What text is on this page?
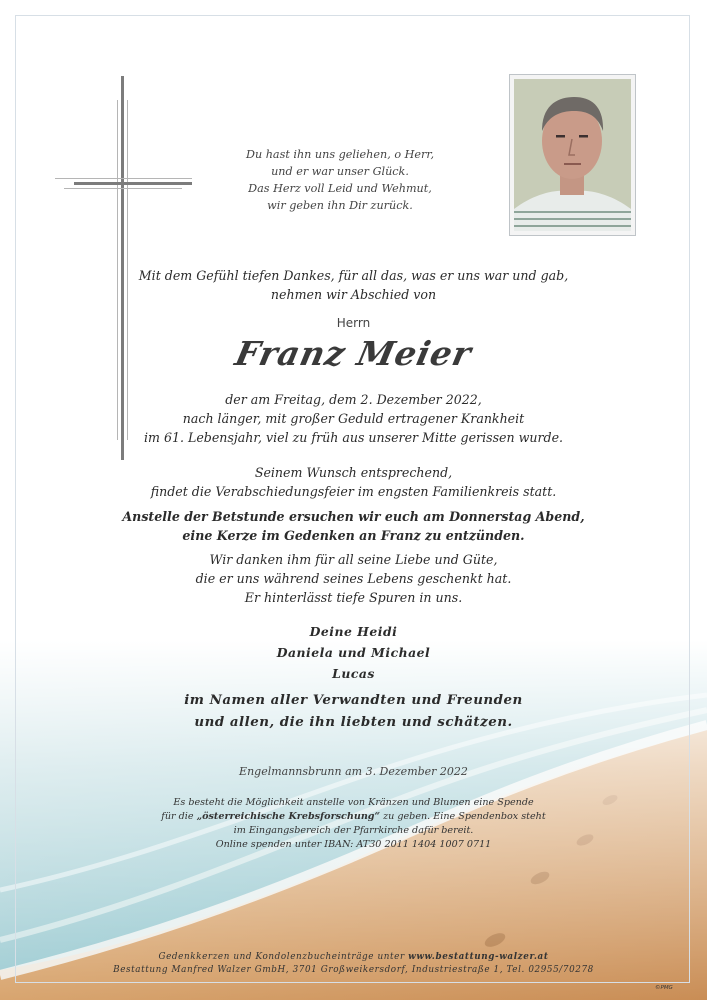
Du hast ihn uns geliehen, o Herr,
und er war unser Glück.
Das Herz voll Leid und Wehmut,
wir geben ihn Dir zurück.
Mit dem Gefühl tiefen Dankes, für all das, was er uns war und gab,
nehmen wir Abschied von
Herrn
Franz Meier
der am Freitag, dem 2. Dezember 2022,
nach länger, mit großer Geduld ertragener Krankheit
im 61. Lebensjahr, viel zu früh aus unserer Mitte gerissen wurde.
Seinem Wunsch entsprechend,
findet die Verabschiedungsfeier im engsten Familienkreis statt.
Anstelle der Betstunde ersuchen wir euch am Donnerstag Abend,
eine Kerze im Gedenken an Franz zu entzünden.
Wir danken ihm für all seine Liebe und Güte,
die er uns während seines Lebens geschenkt hat.
Er hinterlässt tiefe Spuren in uns.
Deine Heidi
Daniela und Michael
Lucas
im Namen aller Verwandten und Freunden
und allen, die ihn liebten und schätzen.
Engelmannsbrunn am 3. Dezember 2022
Es besteht die Möglichkeit anstelle von Kränzen und Blumen eine Spende
für die „österreichische Krebsforschung“ zu geben. Eine Spendenbox steht
im Eingangsbereich der Pfarrkirche dafür bereit.
Online spenden unter IBAN: AT30 2011 1404 1007 0711
Gedenkkerzen und Kondolenzbucheinträge unter www.bestattung-walzer.at
Bestattung Manfred Walzer GmbH, 3701 Großweikersdorf, Industriestraße 1, Tel. 02955/70278
©PMG
